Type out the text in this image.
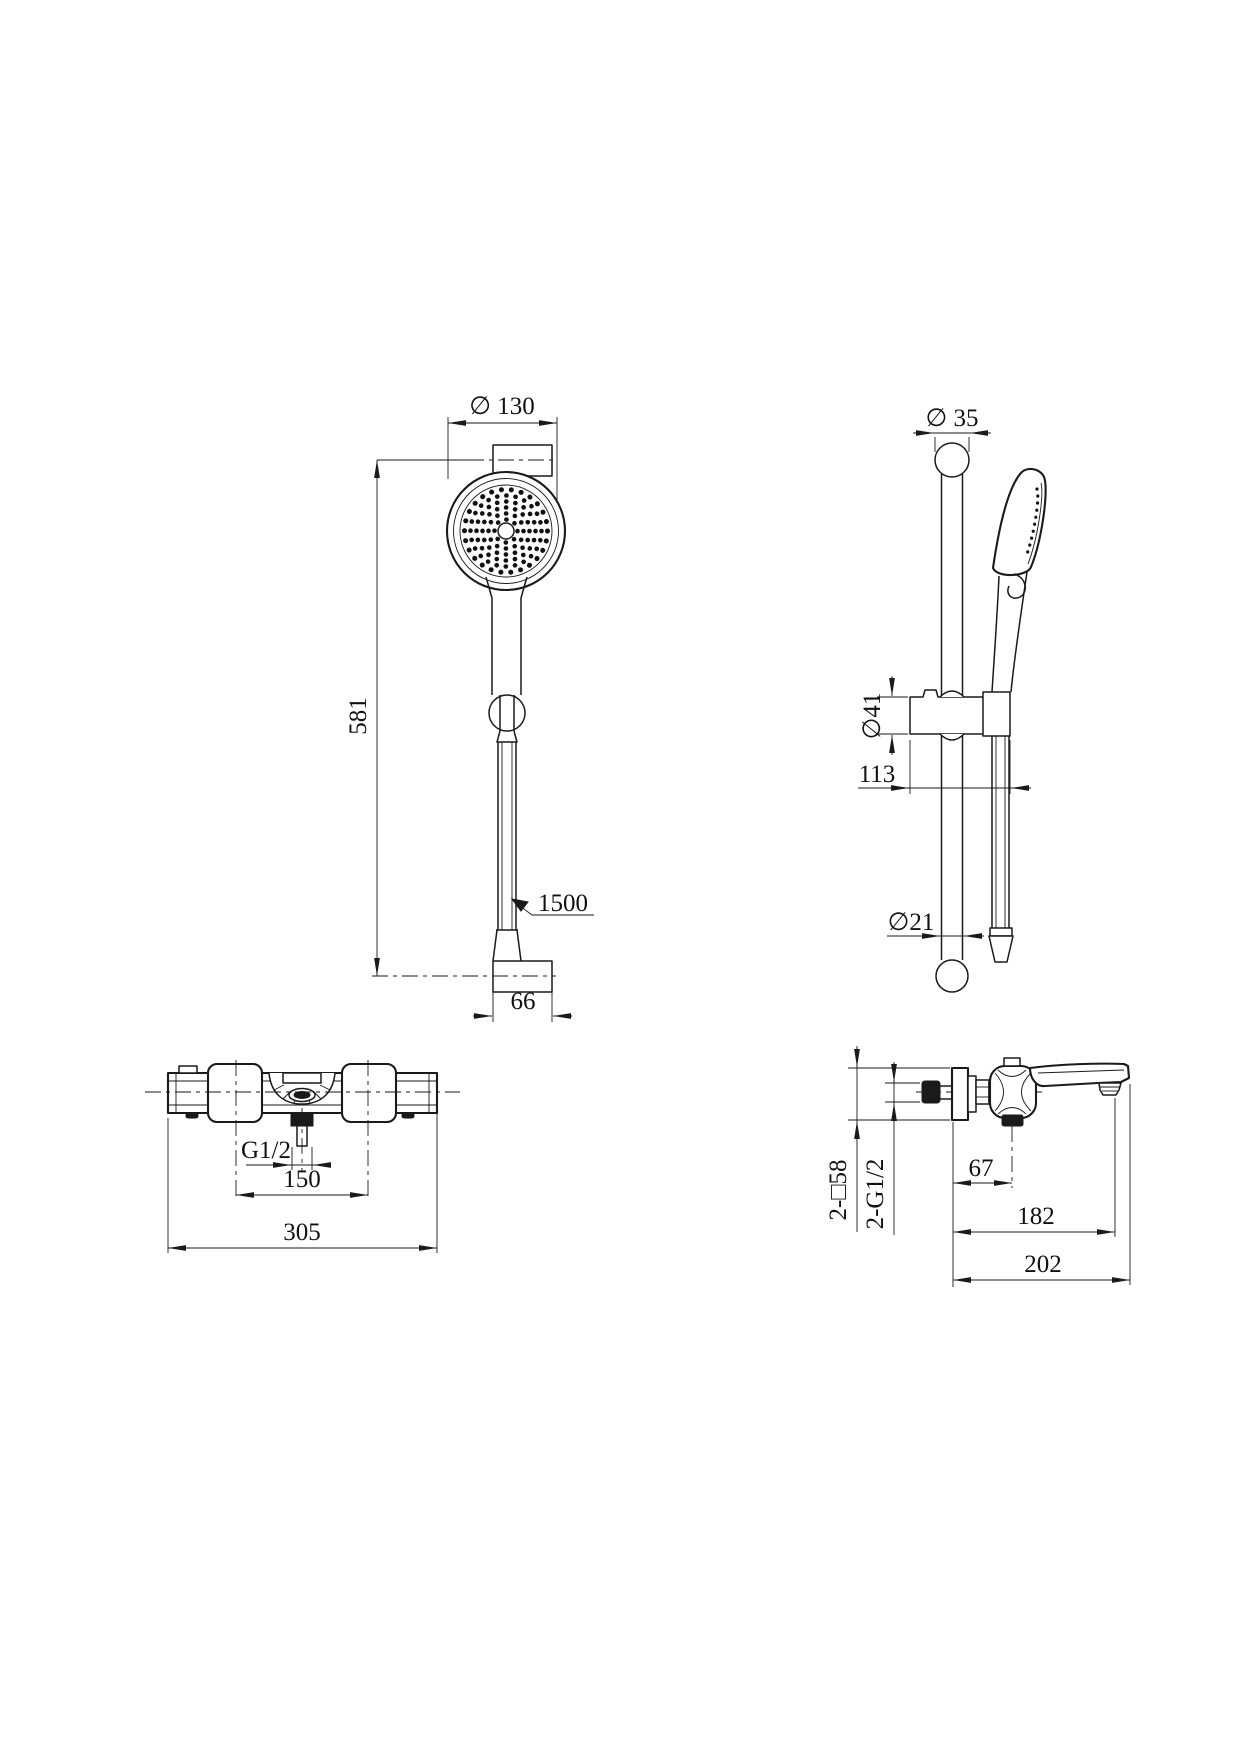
∅ 130
581
1500
66
∅ 35
∅41
113
∅21
G1/2
150
305
2-□58 2-G1/2	67
182
202
